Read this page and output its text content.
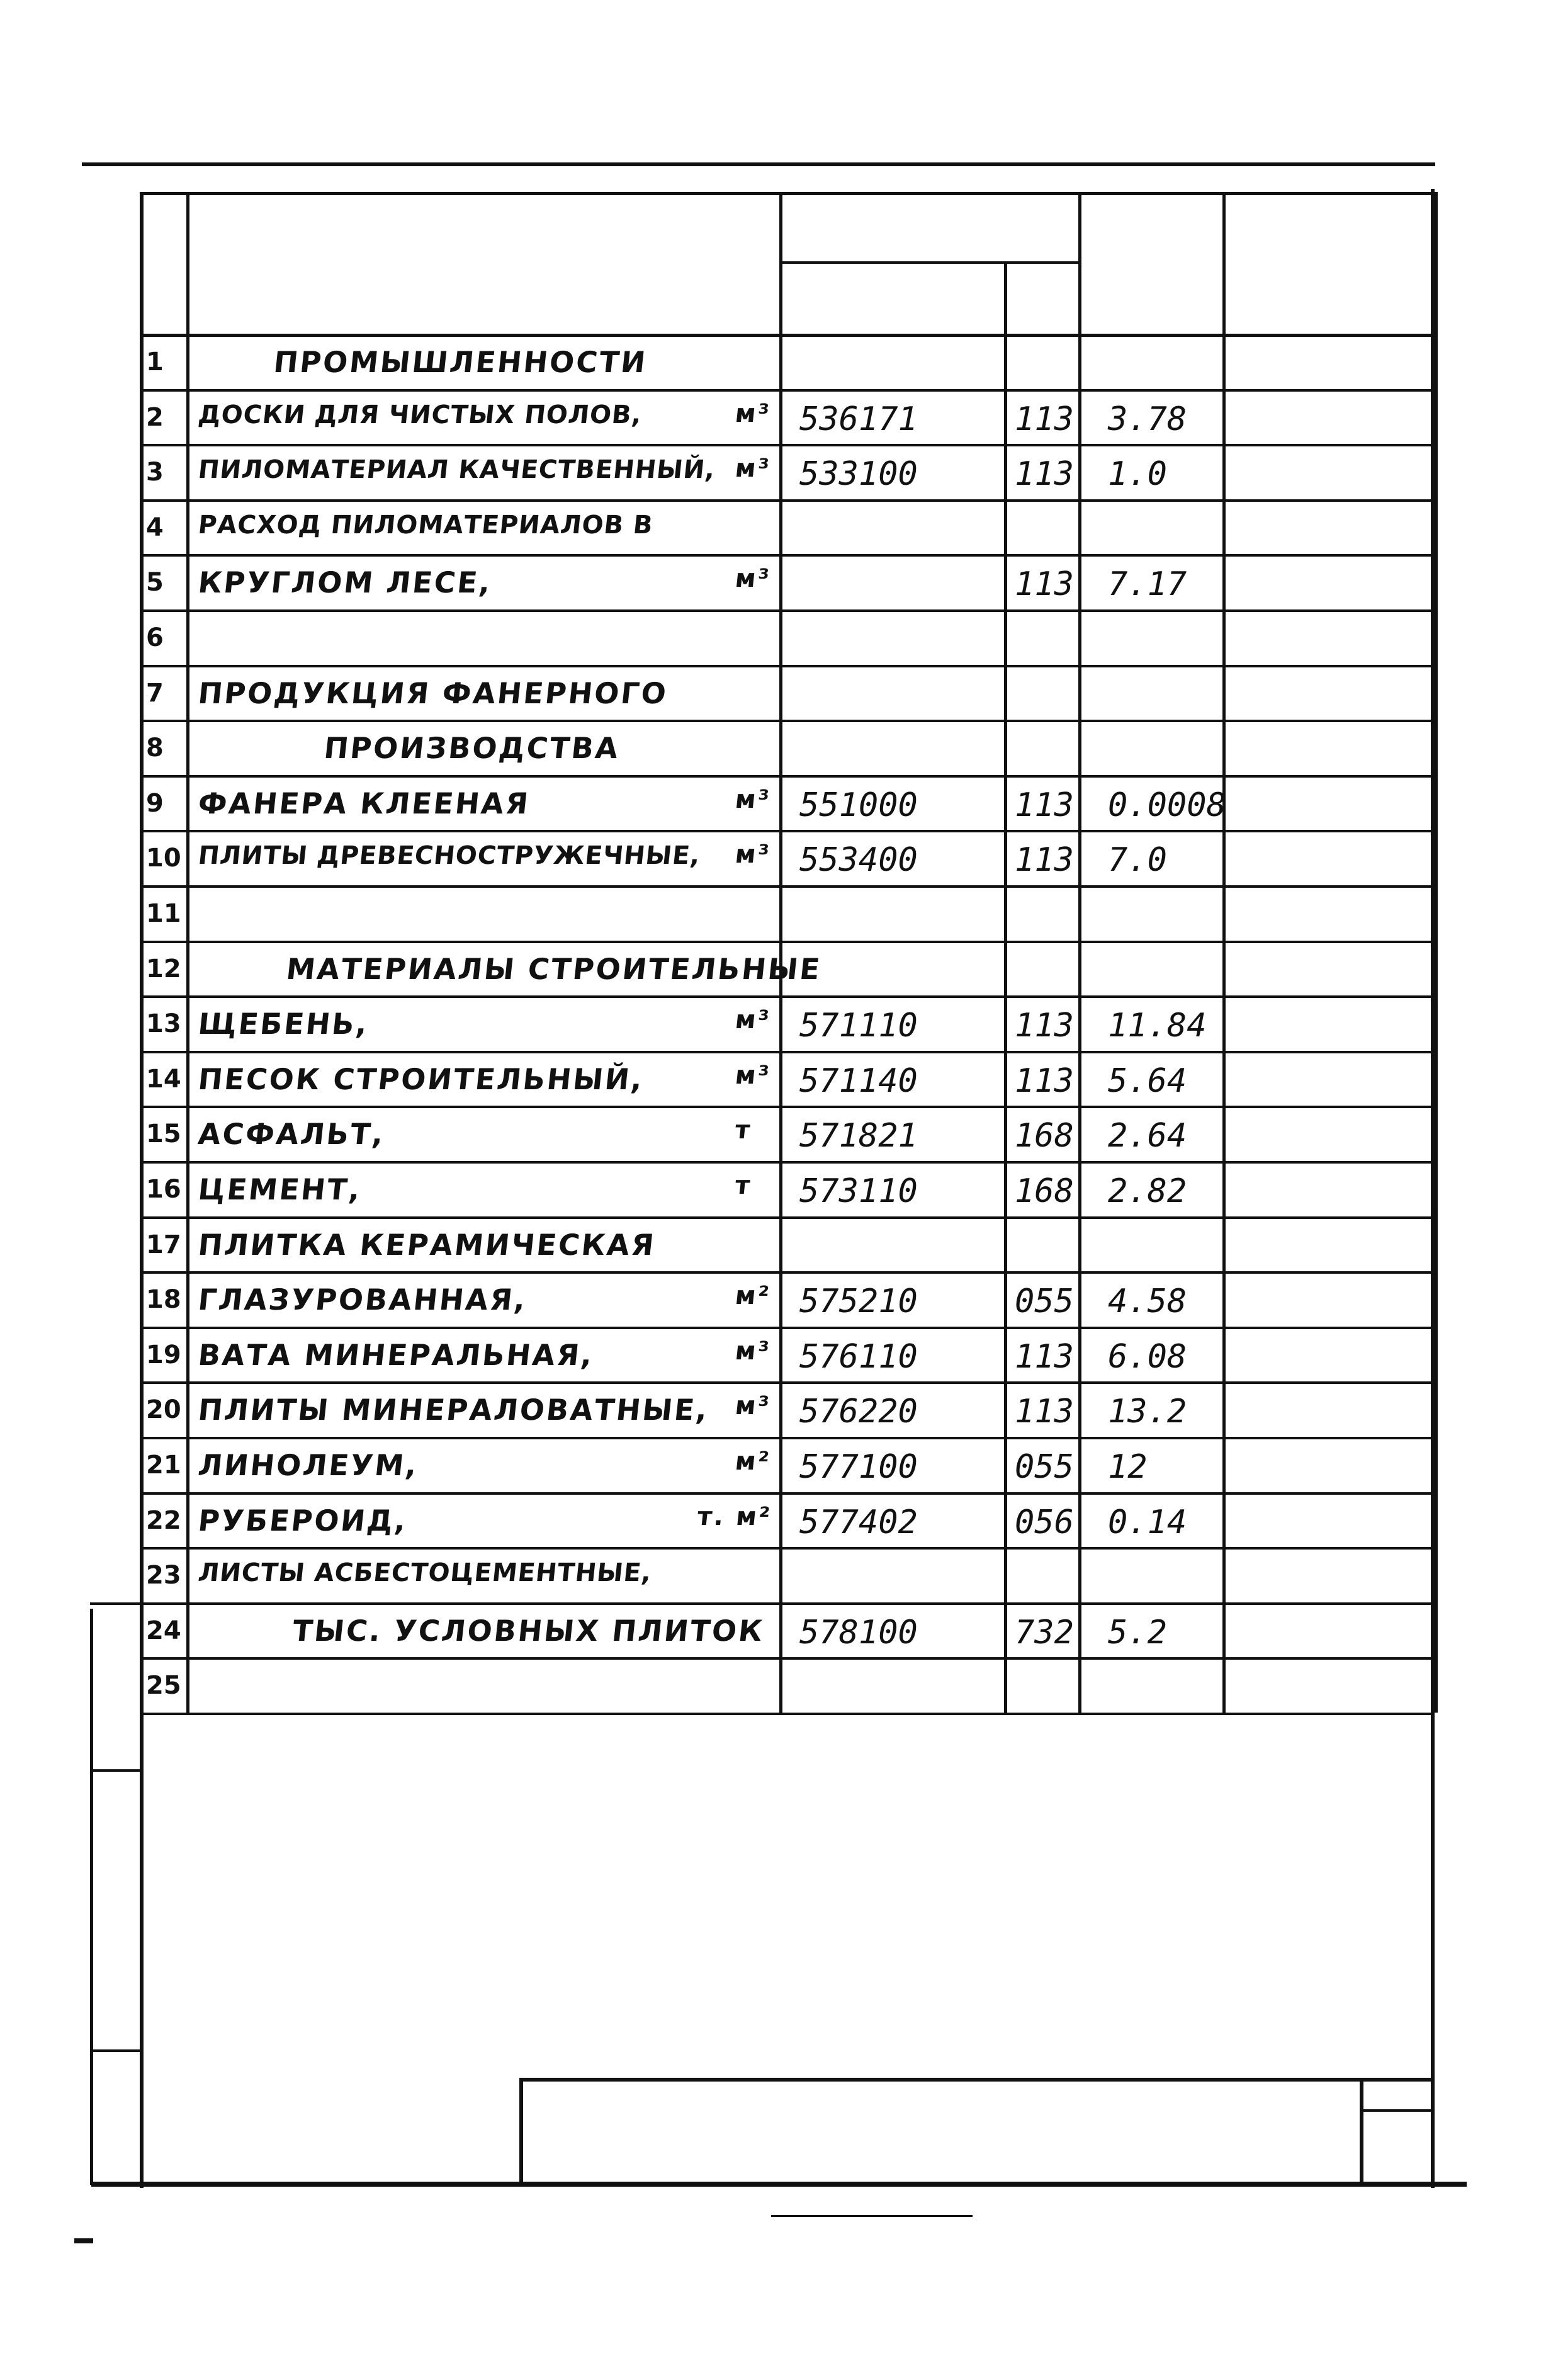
1	ПРОМЫШЛЕННОСТИ
2 ДОСКИ ДЛЯ ЧИСТЫХ ПОЛОВ,	м³ 536171	113 3.78
3 ПИЛОМАТЕРИАЛ КАЧЕСТВЕННЫЙ, м³ 533100	113 1.0
4 РАСХОД ПИЛОМАТЕРИАЛОВ В
5 КРУГЛОМ ЛЕСЕ,	м³	113 7.17
6
7 ПРОДУКЦИЯ ФАНЕРНОГО
8	ПРОИЗВОДСТВА
9 ФАНЕРА КЛЕЕНАЯ	м³ 551000	113 0.0008
10 ПЛИТЫ ДРЕВЕСНОСТРУЖЕЧНЫЕ, м³ 553400	113 7.0
11
12	МАТЕРИАЛЫ СТРОИТЕЛЬНЫЕ
13 ЩЕБЕНЬ,	м³ 571110	113 11.84
14 ПЕСОК СТРОИТЕЛЬНЫЙ,	м³ 571140	113 5.64
15 АСФАЛЬТ,	т 571821	168 2.64
16 ЦЕМЕНТ,	т 573110	168 2.82
17 ПЛИТКА КЕРАМИЧЕСКАЯ
18 ГЛАЗУРОВАННАЯ,	м² 575210	055 4.58
19 ВАТА МИНЕРАЛЬНАЯ,	м³ 576110	113 6.08
20 ПЛИТЫ МИНЕРАЛОВАТНЫЕ, м³ 576220	113 13.2
21 ЛИНОЛЕУМ,	м² 577100	055 12
22 РУБЕРОИД,	т. м² 577402	056 0.14
23 ЛИСТЫ АСБЕСТОЦЕМЕНТНЫЕ,
24	ТЫС. УСЛОВНЫХ ПЛИТОК 578100	732 5.2
25
